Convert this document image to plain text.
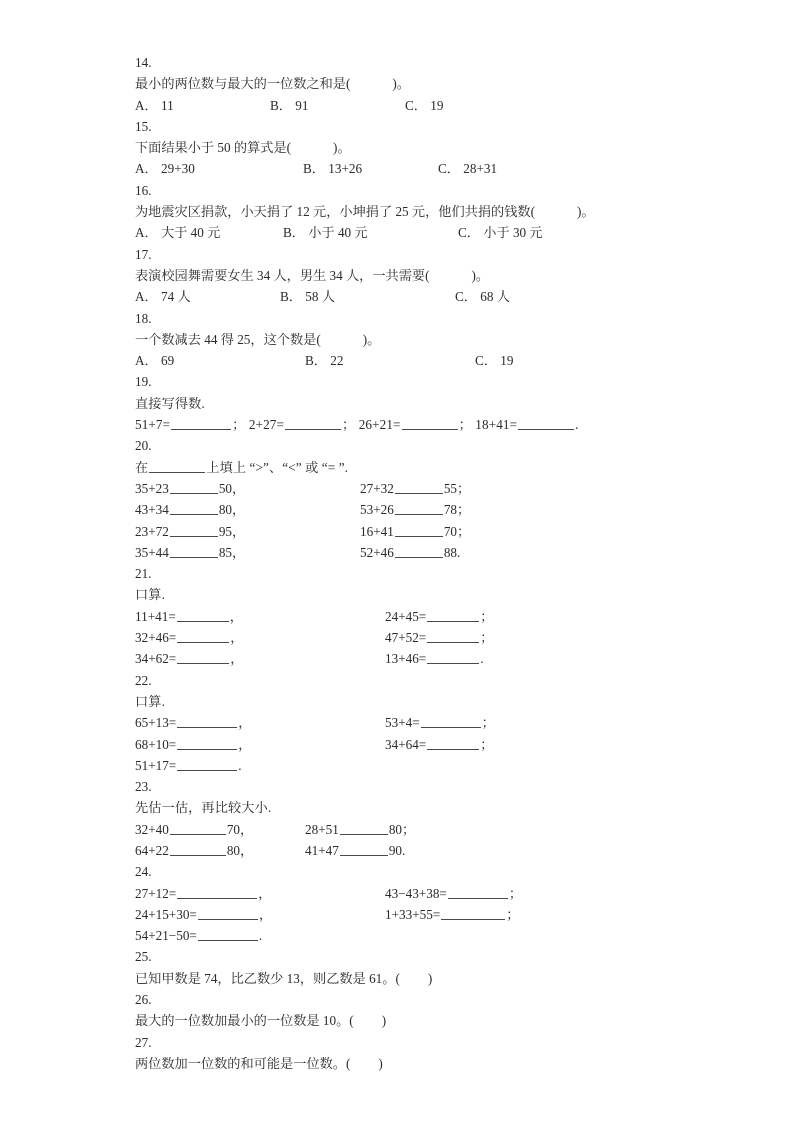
14.
最小的两位数与最大的一位数之和是(	)。
A． 11	B． 91	C． 19
15.
下面结果小于 50 的算式是(	)。
A． 29+30	B． 13+26	C． 28+31
16.
为地震灾区捐款，小天捐了 12 元，小坤捐了 25 元，他们共捐的钱数(	)。
A． 大于 40 元	B． 小于 40 元	C． 小于 30 元
17.
表演校园舞需要女生 34 人，男生 34 人，一共需要(	)。
A． 74 人	B． 58 人	C． 68 人
18.
一个数减去 44 得 25，这个数是(	)。
A． 69	B． 22	C． 19
19.
直接写得数.
51+7=	； 2+27=	； 26+21=	； 18+41=	.
20.
在	上填上 “>”、“<” 或 “= ”.
35+23	50，	27+32	55；
43+34	80，	53+26	78；
23+72	95，	16+41	70；
35+44	85，	52+46	88.
21.
口算.
11+41=	，	24+45=	；
32+46=	，	47+52=	；
34+62=	，	13+46=	.
22.
口算.
65+13=	，	53+4=	；
68+10=	，	34+64=	；
51+17=	.
23.
先估一估，再比较大小.
32+40	70，	28+51	80；
64+22	80，	41+47	90.
24.
27+12=	，	43−43+38=	；
24+15+30=	，	1+33+55=	；
54+21−50=	.
25.
已知甲数是 74，比乙数少 13，则乙数是 61。( )
26.
最大的一位数加最小的一位数是 10。( )
27.
两位数加一位数的和可能是一位数。( )
